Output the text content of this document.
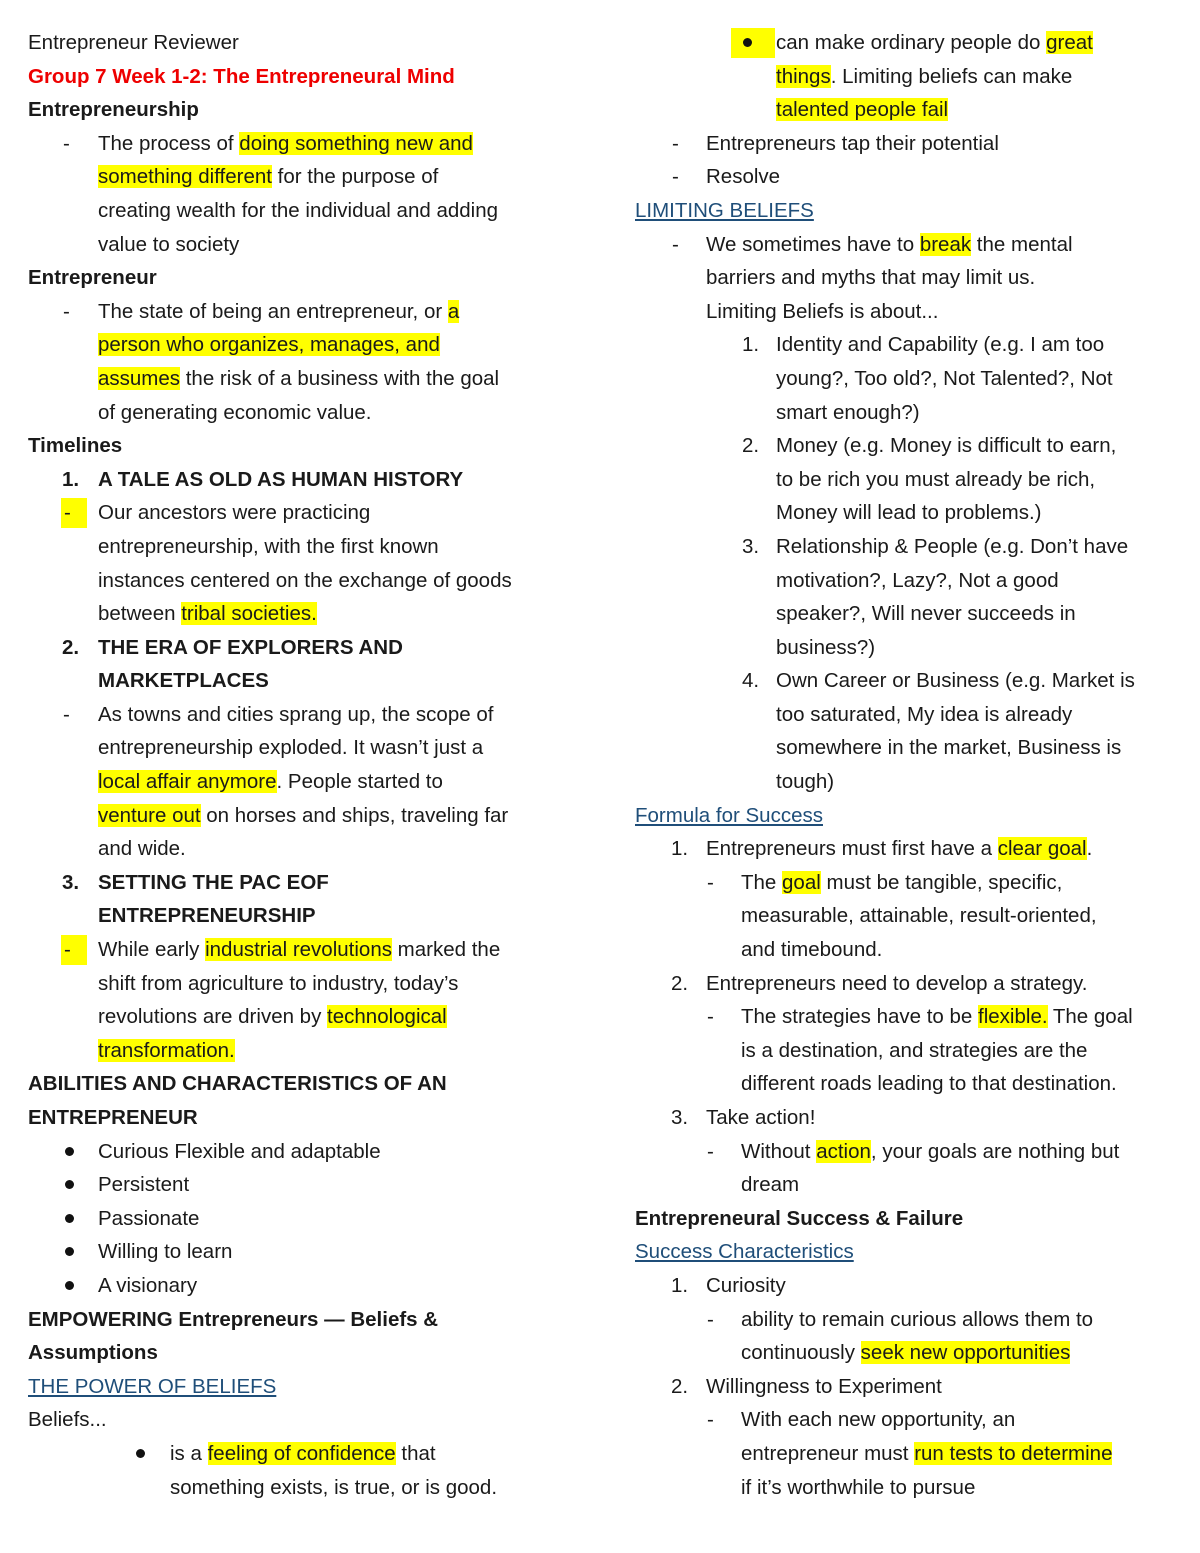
Entrepreneur Reviewer
Group 7 Week 1-2: The Entrepreneural Mind
Entrepreneurship
- The process of doing something new and
something different for the purpose of
creating wealth for the individual and adding
value to society
Entrepreneur
- The state of being an entrepreneur, or a
person who organizes, manages, and
assumes the risk of a business with the goal
of generating economic value.
Timelines
1. A TALE AS OLD AS HUMAN HISTORY
- Our ancestors were practicing
entrepreneurship, with the first known
instances centered on the exchange of goods
between tribal societies.
2. THE ERA OF EXPLORERS AND
MARKETPLACES
- As towns and cities sprang up, the scope of
entrepreneurship exploded. It wasn’t just a
local affair anymore. People started to
venture out on horses and ships, traveling far
and wide.
3. SETTING THE PAC EOF
ENTREPRENEURSHIP
- While early industrial revolutions marked the
shift from agriculture to industry, today’s
revolutions are driven by technological
transformation.
ABILITIES AND CHARACTERISTICS OF AN
ENTREPRENEUR
Curious Flexible and adaptable
Persistent
Passionate
Willing to learn
A visionary
EMPOWERING Entrepreneurs — Beliefs &
Assumptions
THE POWER OF BELIEFS
Beliefs...
is a feeling of confidence that
something exists, is true, or is good.
can make ordinary people do great
things. Limiting beliefs can make
talented people fail
- Entrepreneurs tap their potential
- Resolve
LIMITING BELIEFS
- We sometimes have to break the mental
barriers and myths that may limit us.
Limiting Beliefs is about...
1. Identity and Capability (e.g. I am too
young?, Too old?, Not Talented?, Not
smart enough?)
2. Money (e.g. Money is difficult to earn,
to be rich you must already be rich,
Money will lead to problems.)
3. Relationship & People (e.g. Don’t have
motivation?, Lazy?, Not a good
speaker?, Will never succeeds in
business?)
4. Own Career or Business (e.g. Market is
too saturated, My idea is already
somewhere in the market, Business is
tough)
Formula for Success
1. Entrepreneurs must first have a clear goal.
- The goal must be tangible, specific,
measurable, attainable, result-oriented,
and timebound.
2. Entrepreneurs need to develop a strategy.
- The strategies have to be flexible. The goal
is a destination, and strategies are the
different roads leading to that destination.
3. Take action!
- Without action, your goals are nothing but
dream
Entrepreneural Success & Failure
Success Characteristics
1. Curiosity
- ability to remain curious allows them to
continuously seek new opportunities
2. Willingness to Experiment
- With each new opportunity, an
entrepreneur must run tests to determine
if it’s worthwhile to pursue
